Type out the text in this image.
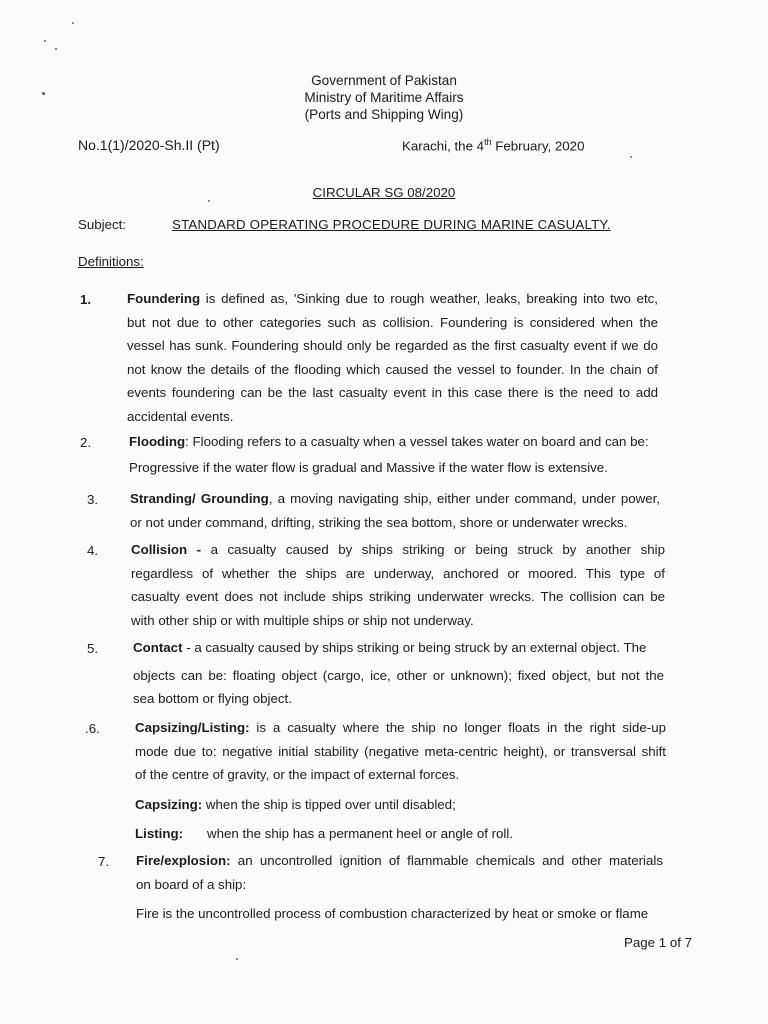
Government of Pakistan
Ministry of Maritime Affairs
(Ports and Shipping Wing)
No.1(1)/2020-Sh.II (Pt)	Karachi, the 4th February, 2020
CIRCULAR SG 08/2020
Subject:	STANDARD OPERATING PROCEDURE DURING MARINE CASUALTY.
Definitions:
1.	Foundering is defined as, 'Sinking due to rough weather, leaks, breaking into two etc,
but not due to other categories such as collision. Foundering is considered when the
vessel has sunk. Foundering should only be regarded as the first casualty event if we do
not know the details of the flooding which caused the vessel to founder. In the chain of
events foundering can be the last casualty event in this case there is the need to add
accidental events.
2.	Flooding: Flooding refers to a casualty when a vessel takes water on board and can be:
Progressive if the water flow is gradual and Massive if the water flow is extensive.
3. Stranding/ Grounding, a moving navigating ship, either under command, under power,
or not under command, drifting, striking the sea bottom, shore or underwater wrecks.
4. Collision - a casualty caused by ships striking or being struck by another ship
regardless of whether the ships are underway, anchored or moored. This type of
casualty event does not include ships striking underwater wrecks. The collision can be
with other ship or with multiple ships or ship not underway.
5.	Contact - a casualty caused by ships striking or being struck by an external object. The
objects can be: floating object (cargo, ice, other or unknown); fixed object, but not the
sea bottom or flying object.
.6.	Capsizing/Listing: is a casualty where the ship no longer floats in the right side-up
mode due to: negative initial stability (negative meta-centric height), or transversal shift
of the centre of gravity, or the impact of external forces.
Capsizing: when the ship is tipped over until disabled;
Listing: when the ship has a permanent heel or angle of roll.
7. Fire/explosion: an uncontrolled ignition of flammable chemicals and other materials
on board of a ship:
Fire is the uncontrolled process of combustion characterized by heat or smoke or flame
Page 1 of 7
